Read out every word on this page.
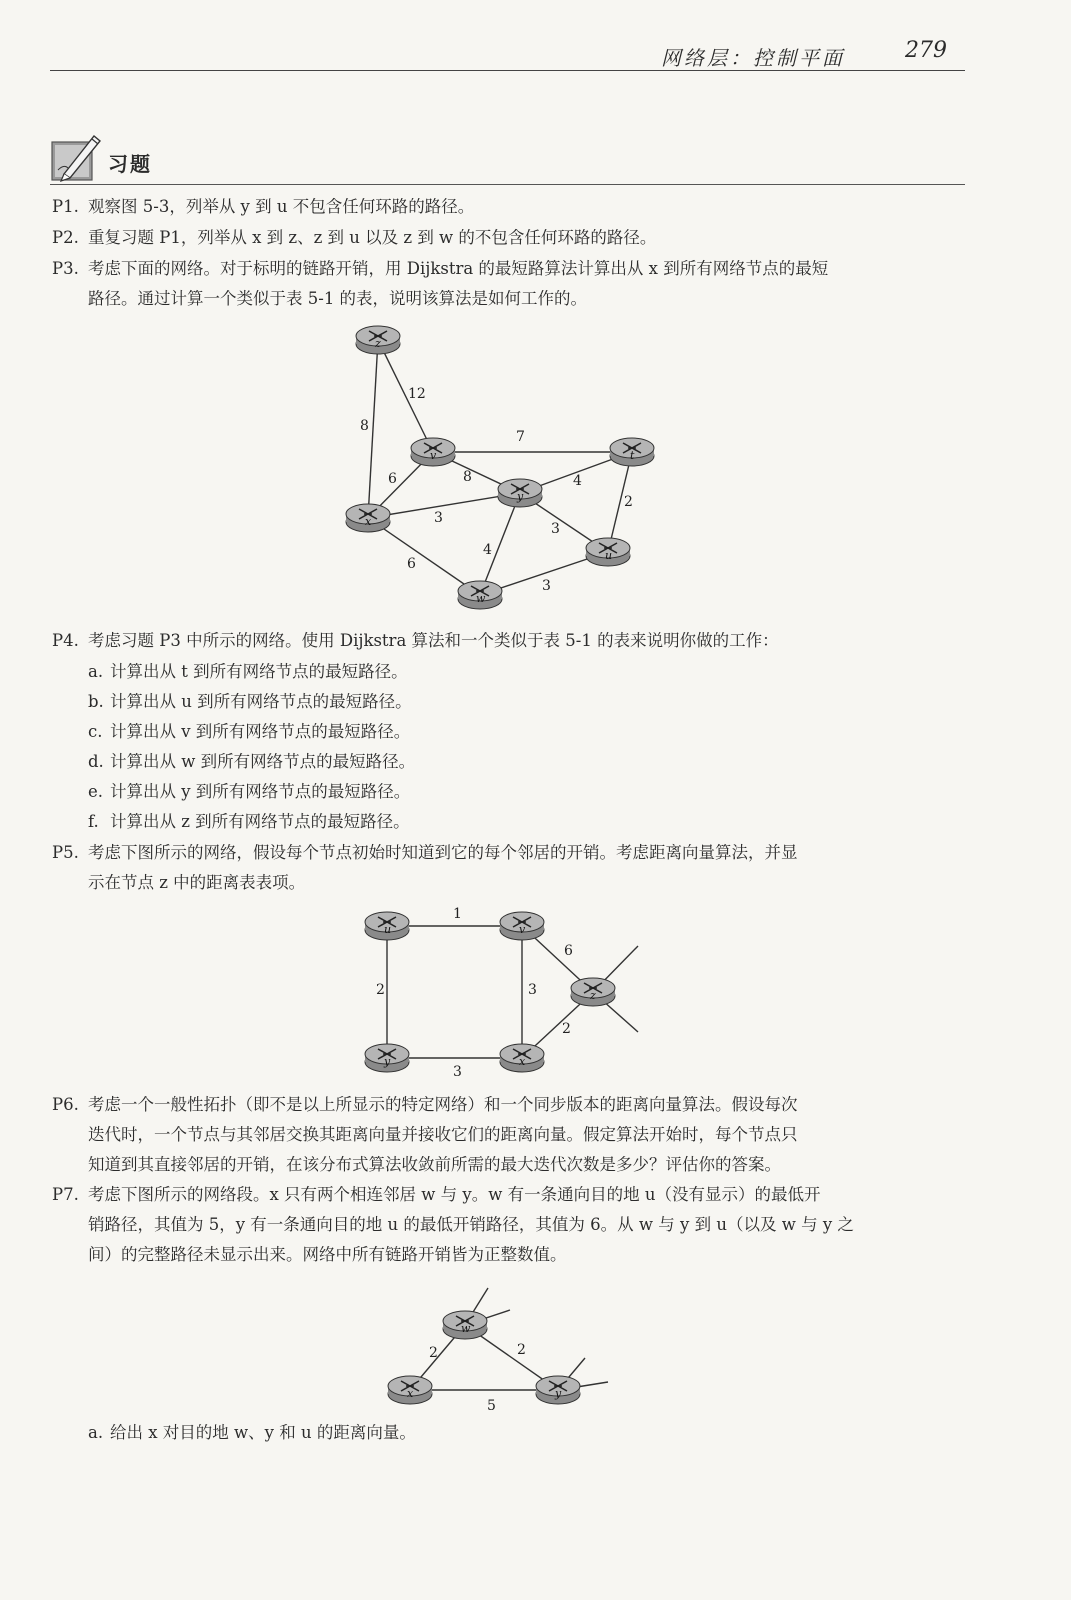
网络层：控制平面	279
习题
P1. 观察图 5-3，列举从 y 到 u 不包含任何环路的路径。
P2. 重复习题 P1，列举从 x 到 z、z 到 u 以及 z 到 w 的不包含任何环路的路径。
P3. 考虑下面的网络。对于标明的链路开销，用 Dijkstra 的最短路算法计算出从 x 到所有网络节点的最短
路径。通过计算一个类似于表 5-1 的表，说明该算法是如何工作的。
12
8
7
6	8	4
2
3
3
4
6
3
z
v	t
x
y
u
w
P4. 考虑习题 P3 中所示的网络。使用 Dijkstra 算法和一个类似于表 5-1 的表来说明你做的工作：
a. 计算出从 t 到所有网络节点的最短路径。
b. 计算出从 u 到所有网络节点的最短路径。
c. 计算出从 v 到所有网络节点的最短路径。
d. 计算出从 w 到所有网络节点的最短路径。
e. 计算出从 y 到所有网络节点的最短路径。
f. 计算出从 z 到所有网络节点的最短路径。
P5. 考虑下图所示的网络，假设每个节点初始时知道到它的每个邻居的开销。考虑距离向量算法，并显
示在节点 z 中的距离表表项。
1
2	3
6
2
3
u	v
z
x
y
P6. 考虑一个一般性拓扑（即不是以上所显示的特定网络）和一个同步版本的距离向量算法。假设每次
迭代时，一个节点与其邻居交换其距离向量并接收它们的距离向量。假定算法开始时，每个节点只
知道到其直接邻居的开销，在该分布式算法收敛前所需的最大迭代次数是多少？评估你的答案。
P7. 考虑下图所示的网络段。x 只有两个相连邻居 w 与 y。w 有一条通向目的地 u（没有显示）的最低开
销路径，其值为 5，y 有一条通向目的地 u 的最低开销路径，其值为 6。从 w 与 y 到 u（以及 w 与 y 之
间）的完整路径未显示出来。网络中所有链路开销皆为正整数值。
2	2
5
w
x	y
a. 给出 x 对目的地 w、y 和 u 的距离向量。
